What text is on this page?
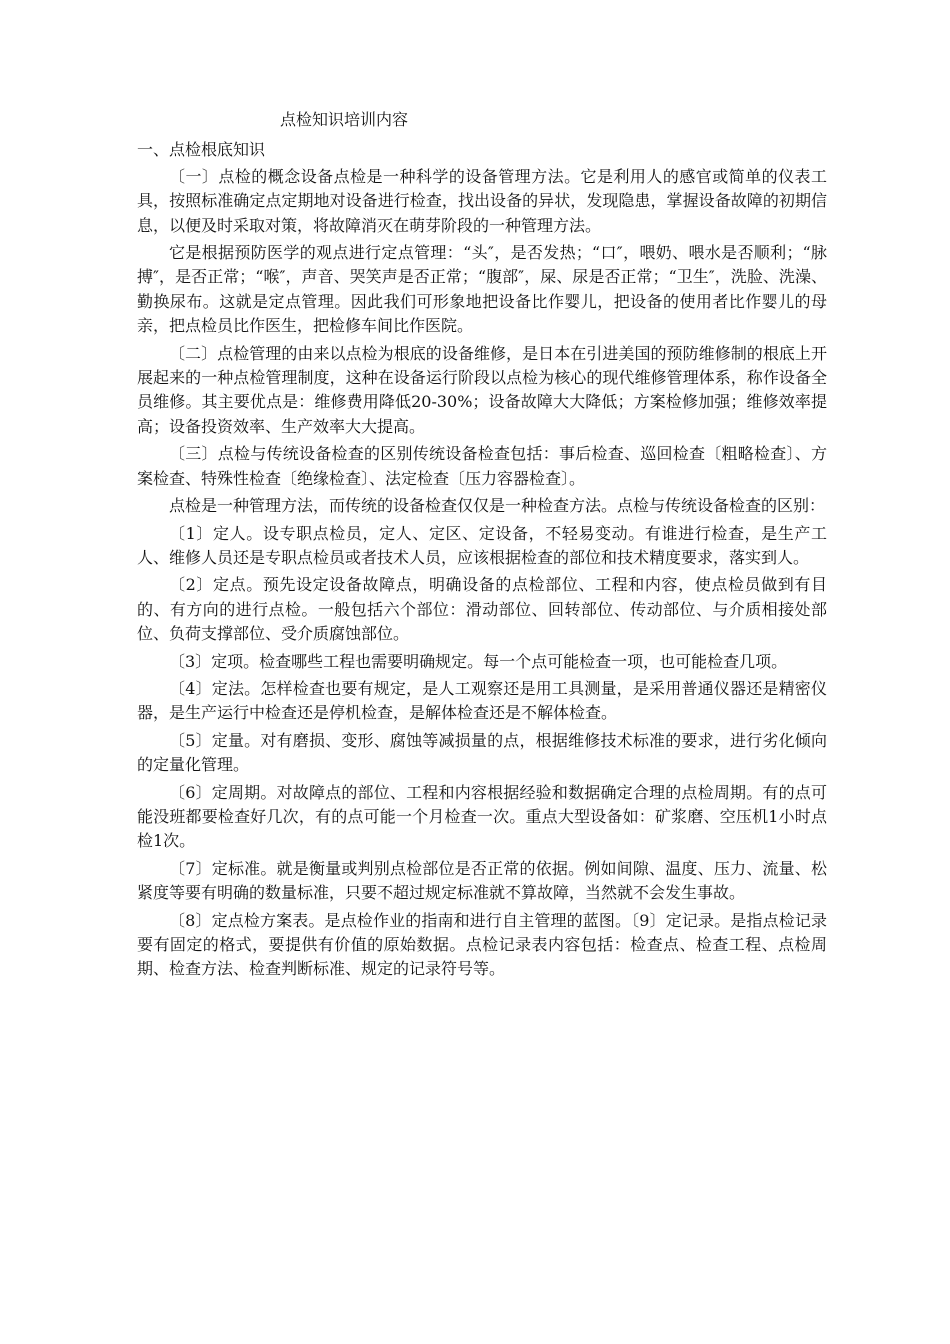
点检知识培训内容
一、点检根底知识

〔一〕点检的概念设备点检是一种科学的设备管理方法。它是利用人的感官或简单的仪表工具，按照标准确定点定期地对设备进行检查，找出设备的异状，发现隐患，掌握设备故障的初期信息，以便及时采取对策，将故障消灭在萌芽阶段的一种管理方法。

它是根据预防医学的观点进行定点管理：“头″，是否发热；“口″，喂奶、喂水是否顺利；“脉搏″，是否正常；“喉″，声音、哭笑声是否正常；“腹部″，屎、尿是否正常；“卫生″，洗脸、洗澡、勤换尿布。这就是定点管理。因此我们可形象地把设备比作婴儿，把设备的使用者比作婴儿的母亲，把点检员比作医生，把检修车间比作医院。

〔二〕点检管理的由来以点检为根底的设备维修，是日本在引进美国的预防维修制的根底上开展起来的一种点检管理制度，这种在设备运行阶段以点检为核心的现代维修管理体系，称作设备全员维修。其主要优点是：维修费用降低20-30%；设备故障大大降低；方案检修加强；维修效率提高；设备投资效率、生产效率大大提高。

〔三〕点检与传统设备检查的区别传统设备检查包括：事后检查、巡回检查〔粗略检查〕、方案检查、特殊性检查〔绝缘检查〕、法定检查〔压力容器检查〕。

点检是一种管理方法，而传统的设备检查仅仅是一种检查方法。点检与传统设备检查的区别：

〔1〕定人。设专职点检员，定人、定区、定设备，不轻易变动。有谁进行检查，是生产工人、维修人员还是专职点检员或者技术人员，应该根据检查的部位和技术精度要求，落实到人。

〔2〕定点。预先设定设备故障点，明确设备的点检部位、工程和内容，使点检员做到有目的、有方向的进行点检。一般包括六个部位：滑动部位、回转部位、传动部位、与介质相接处部位、负荷支撑部位、受介质腐蚀部位。

〔3〕定项。检查哪些工程也需要明确规定。每一个点可能检查一项，也可能检查几项。

〔4〕定法。怎样检查也要有规定，是人工观察还是用工具测量，是采用普通仪器还是精密仪器，是生产运行中检查还是停机检查，是解体检查还是不解体检查。

〔5〕定量。对有磨损、变形、腐蚀等减损量的点，根据维修技术标准的要求，进行劣化倾向的定量化管理。

〔6〕定周期。对故障点的部位、工程和内容根据经验和数据确定合理的点检周期。有的点可能没班都要检查好几次，有的点可能一个月检查一次。重点大型设备如：矿浆磨、空压机1小时点检1次。

〔7〕定标准。就是衡量或判别点检部位是否正常的依据。例如间隙、温度、压力、流量、松紧度等要有明确的数量标准，只要不超过规定标准就不算故障，当然就不会发生事故。

〔8〕定点检方案表。是点检作业的指南和进行自主管理的蓝图。〔9〕定记录。是指点检记录要有固定的格式，要提供有价值的原始数据。点检记录表内容包括：检查点、检查工程、点检周期、检查方法、检查判断标准、规定的记录符号等。
